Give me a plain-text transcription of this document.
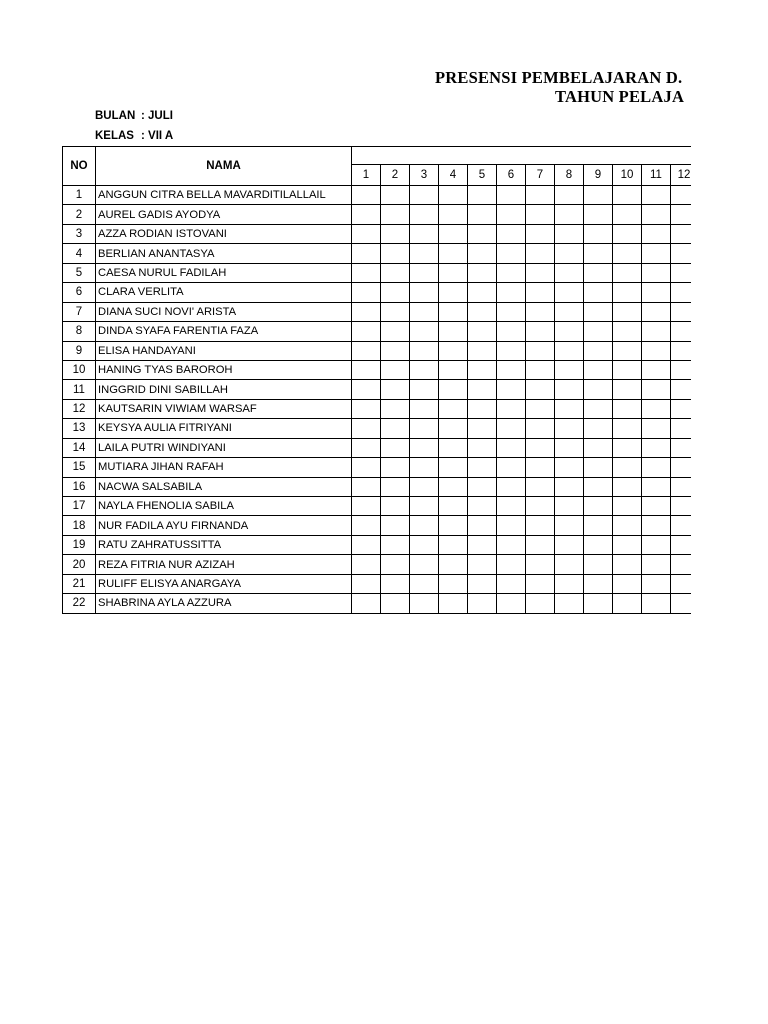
PRESENSI PEMBELAJARAN D.
TAHUN PELAJA
BULAN : JULI
KELAS : VII A
NO	NAMA												
		1	2	3	4	5	6	7	8	9	10	11	12
1	ANGGUN CITRA BELLA MAVARDITILALLAIL												
2	AUREL GADIS AYODYA												
3	AZZA RODIAN ISTOVANI												
4	BERLIAN ANANTASYA												
5	CAESA NURUL FADILAH												
6	CLARA VERLITA												
7	DIANA SUCI NOVI' ARISTA												
8	DINDA SYAFA FARENTIA FAZA												
9	ELISA HANDAYANI												
10	HANING TYAS BAROROH												
11	INGGRID DINI SABILLAH												
12	KAUTSARIN VIWIAM WARSAF												
13	KEYSYA AULIA FITRIYANI												
14	LAILA PUTRI WINDIYANI												
15	MUTIARA JIHAN RAFAH												
16	NACWA SALSABILA												
17	NAYLA FHENOLIA SABILA												
18	NUR FADILA AYU FIRNANDA												
19	RATU ZAHRATUSSITTA												
20	REZA FITRIA NUR AZIZAH												
21	RULIFF ELISYA ANARGAYA												
22	SHABRINA AYLA AZZURA												
